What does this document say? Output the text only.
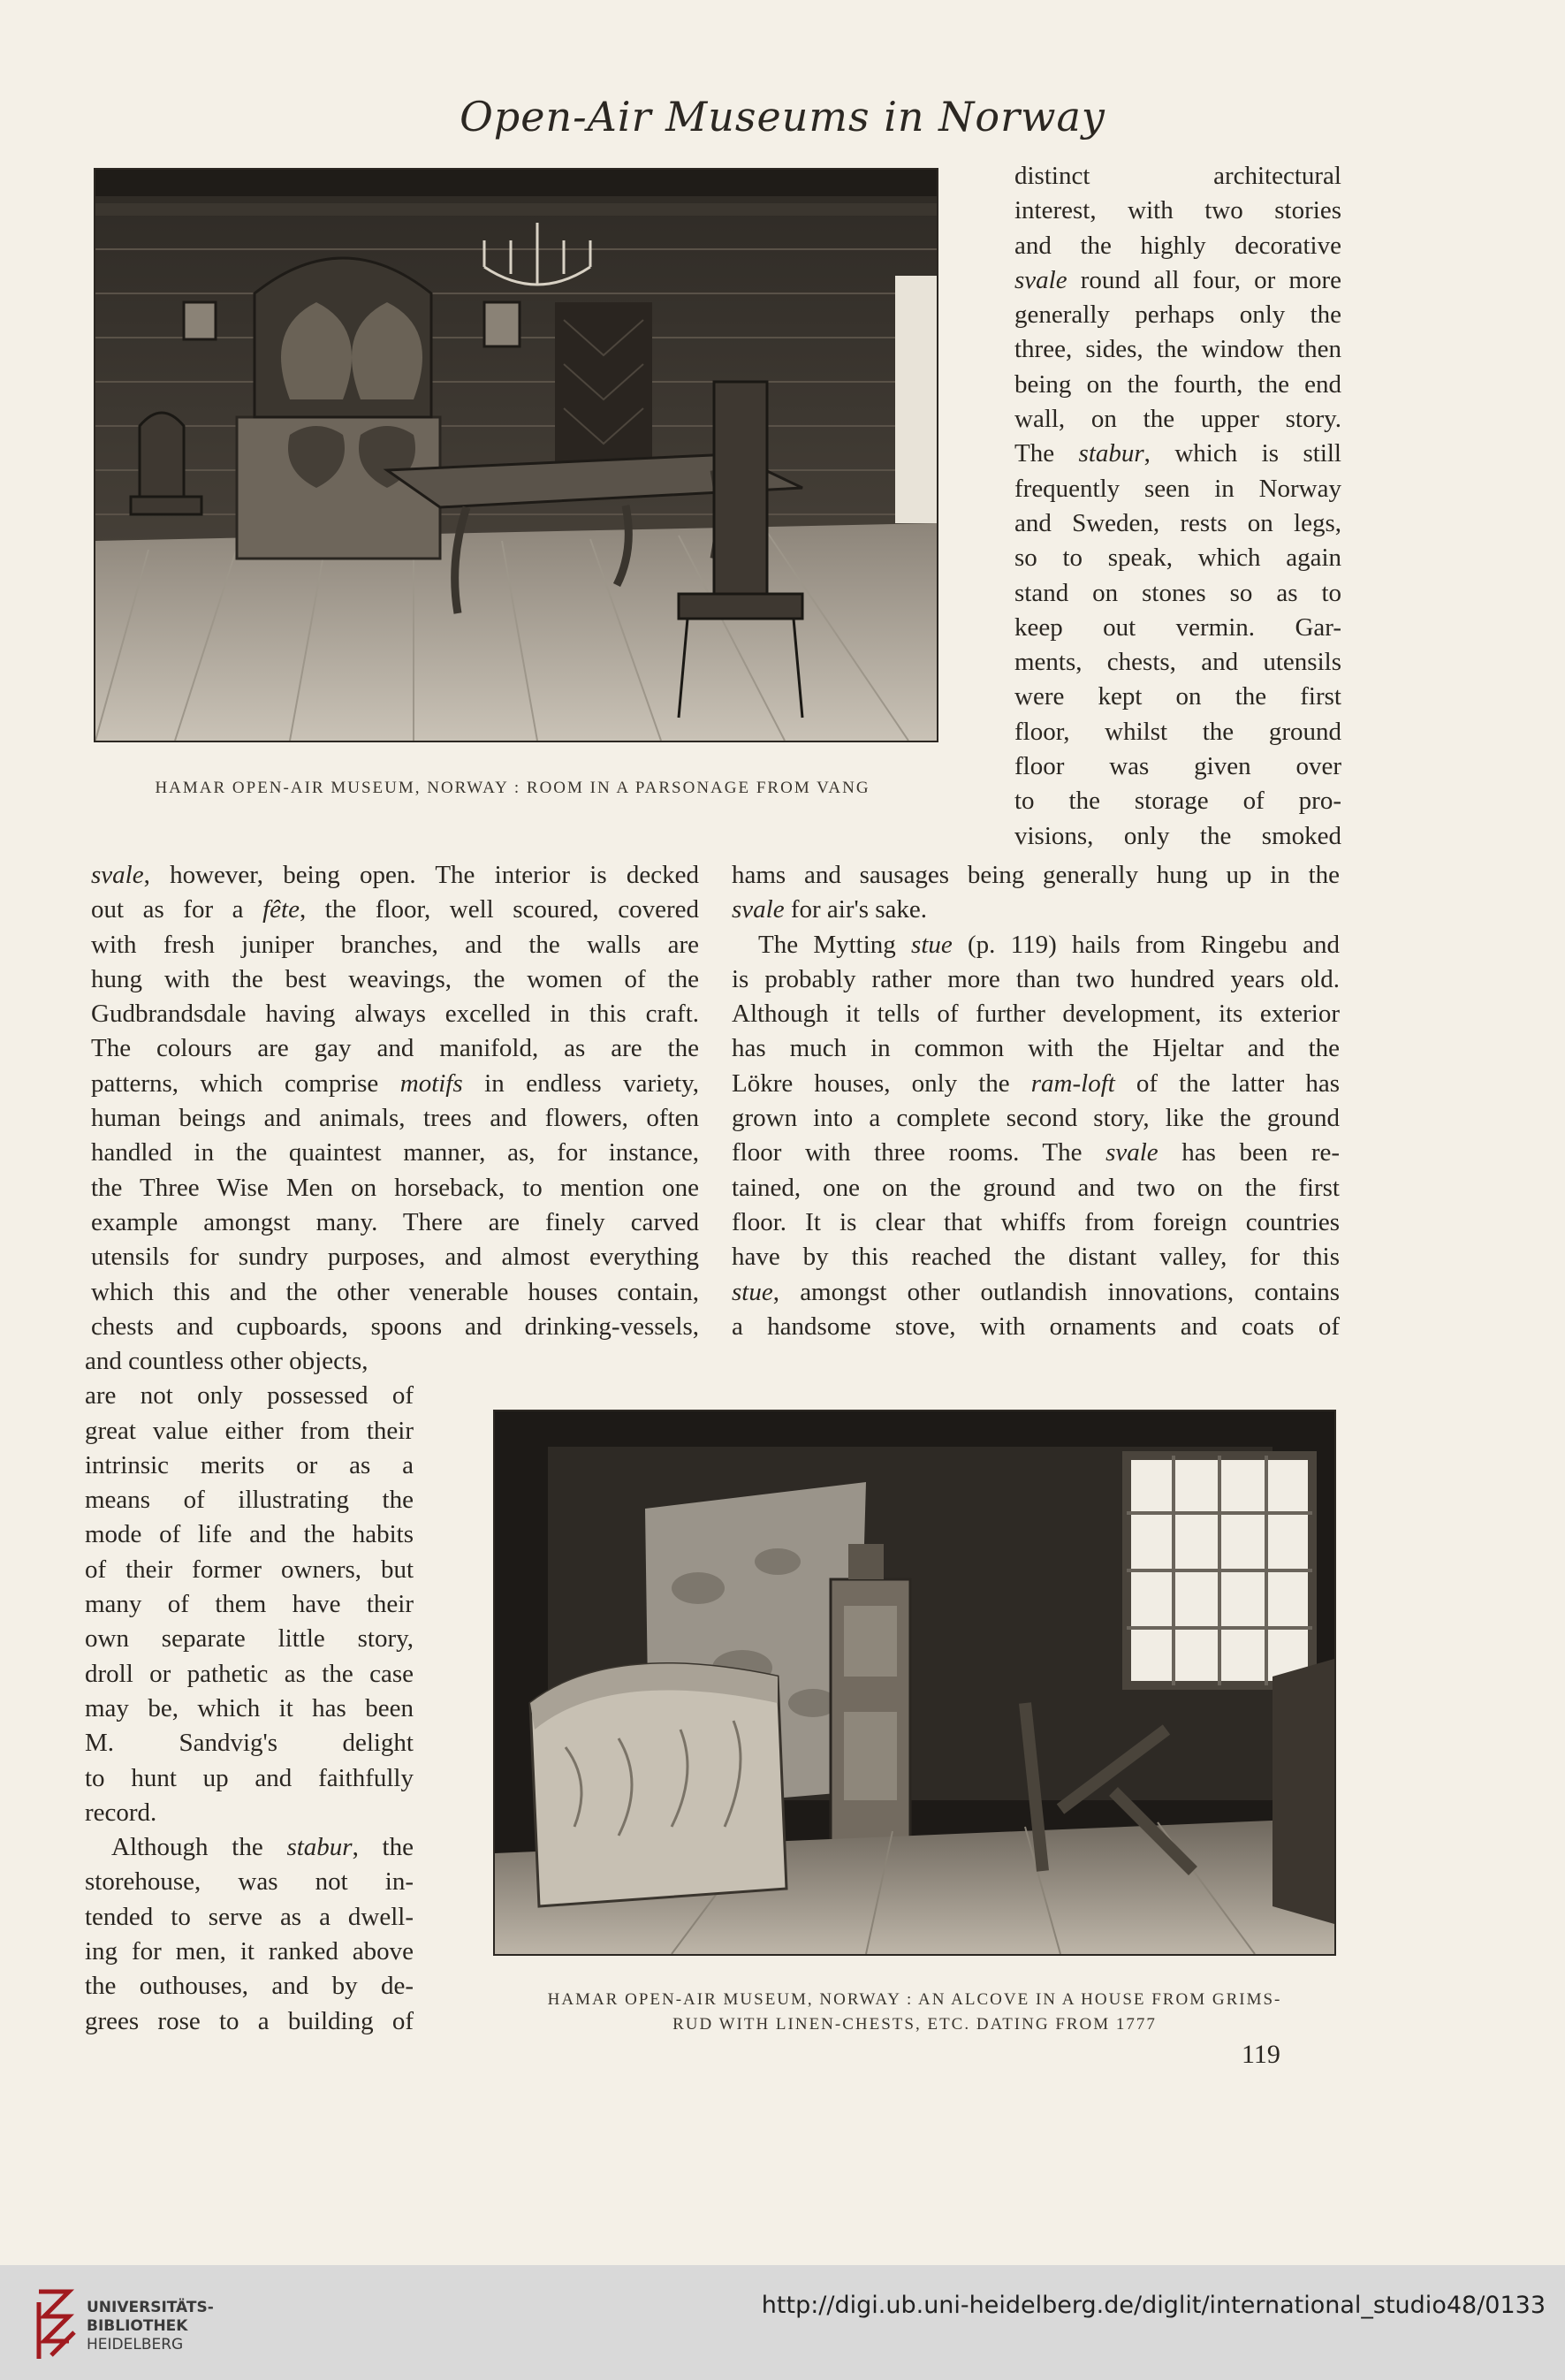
Open-Air Museums in Norway
HAMAR OPEN-AIR MUSEUM, NORWAY : ROOM IN A PARSONAGE FROM VANG

distinct architectural

interest, with two stories

and the highly decorative

svale round all four, or more

generally perhaps only the

three, sides, the window then

being on the fourth, the end

wall, on the upper story.

The stabur, which is still

frequently seen in Norway

and Sweden, rests on legs,

so to speak, which again

stand on stones so as to

keep out vermin. Gar-

ments, chests, and utensils

were kept on the first

floor, whilst the ground

floor was given over

to the storage of pro-

visions, only the smoked

svale, however, being open. The interior is decked

out as for a fête, the floor, well scoured, covered

with fresh juniper branches, and the walls are

hung with the best weavings, the women of the

Gudbrandsdale having always excelled in this craft.

The colours are gay and manifold, as are the

patterns, which comprise motifs in endless variety,

human beings and animals, trees and flowers, often

handled in the quaintest manner, as, for instance,

the Three Wise Men on horseback, to mention one

example amongst many. There are finely carved

utensils for sundry purposes, and almost everything

which this and the other venerable houses contain,

chests and cupboards, spoons and drinking-vessels,

and countless other objects,

are not only possessed of

great value either from their

intrinsic merits or as a

means of illustrating the

mode of life and the habits

of their former owners, but

many of them have their

own separate little story,

droll or pathetic as the case

may be, which it has been

M. Sandvig's delight

to hunt up and faithfully

record.

Although the stabur, the

storehouse, was not in-

tended to serve as a dwell-

ing for men, it ranked above

the outhouses, and by de-

grees rose to a building of

hams and sausages being generally hung up in the

svale for air's sake.

The Mytting stue (p. 119) hails from Ringebu and

is probably rather more than two hundred years old.

Although it tells of further development, its exterior

has much in common with the Hjeltar and the

Lökre houses, only the ram-loft of the latter has

grown into a complete second story, like the ground

floor with three rooms. The svale has been re-

tained, one on the ground and two on the first

floor. It is clear that whiffs from foreign countries

have by this reached the distant valley, for this

stue, amongst other outlandish innovations, contains

a handsome stove, with ornaments and coats of

HAMAR OPEN-AIR MUSEUM, NORWAY : AN ALCOVE IN A HOUSE FROM GRIMS-
RUD WITH LINEN-CHESTS, ETC. DATING FROM 1777
119
UNIVERSITÄTS-
BIBLIOTHEK
HEIDELBERG
http://digi.ub.uni-heidelberg.de/diglit/international_studio48/0133
